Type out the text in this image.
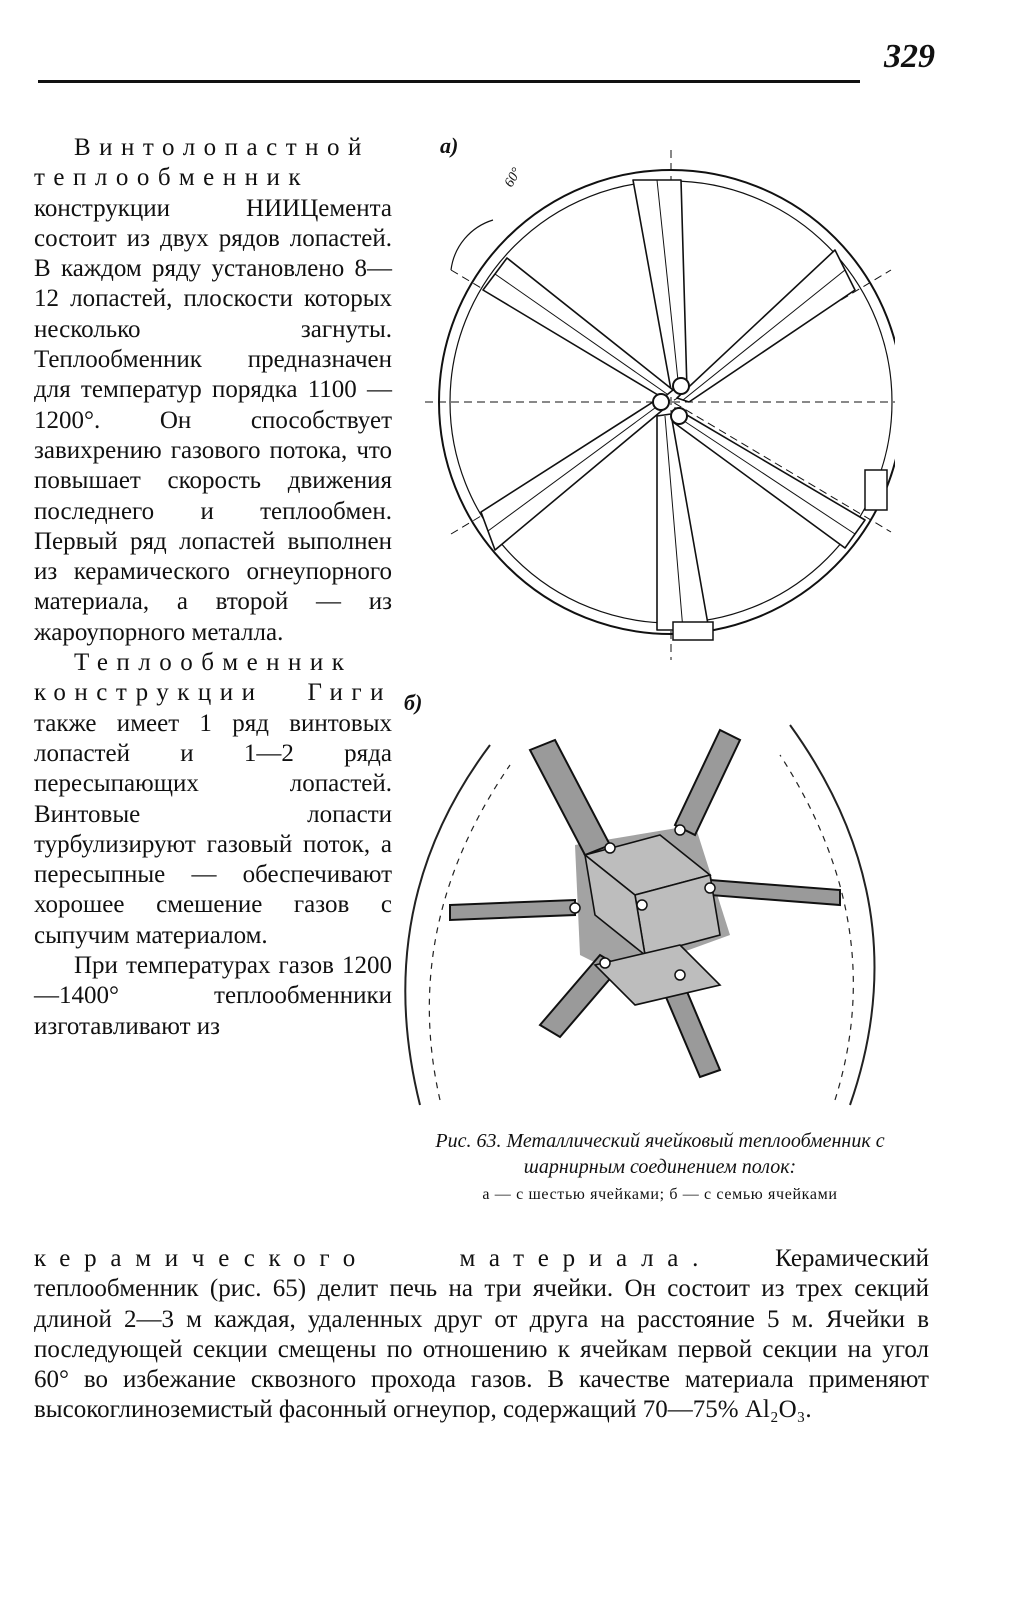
329

Винтолопастной теплообменник конструкции НИИЦемента состоит из двух рядов лопастей. В каждом ряду установлено 8—12 лопастей, плоскости которых несколько загнуты. Теплообменник предназначен для температур порядка 1100 — 1200°. Он способствует завихрению газового потока, что повышает скорость движения последнего и теплообмен. Первый ряд лопастей выполнен из керамического огнеупорного материала, а второй — из жароупорного металла.

Теплообменник конструкции Гиги также имеет 1 ряд винтовых лопастей и 1—2 ряда пересыпающих лопастей. Винтовые лопасти турбулизируют газовый поток, а пересыпные — обеспечивают хорошее смешение газов с сыпучим материалом.

При температурах газов 1200—1400° теплообменники изготавливают из

керамического материала. Керамический теплообменник (рис. 65) делит печь на три ячейки. Он состоит из трех секций длиной 2—3 м каждая, удаленных друг от друга на расстояние 5 м. Ячейки в последующей секции смещены по отношению к ячейкам первой секции на угол 60° во избежание сквозного прохода газов. В качестве материала применяют высокоглиноземистый фасонный огнеупор, содержащий 70—75% Al₂O₃.

а)
60°
б)
Рис. 63. Металлический ячейковый теплообменник с шарнирным соединением полок:
а — с шестью ячейками; б — с семью ячейками
